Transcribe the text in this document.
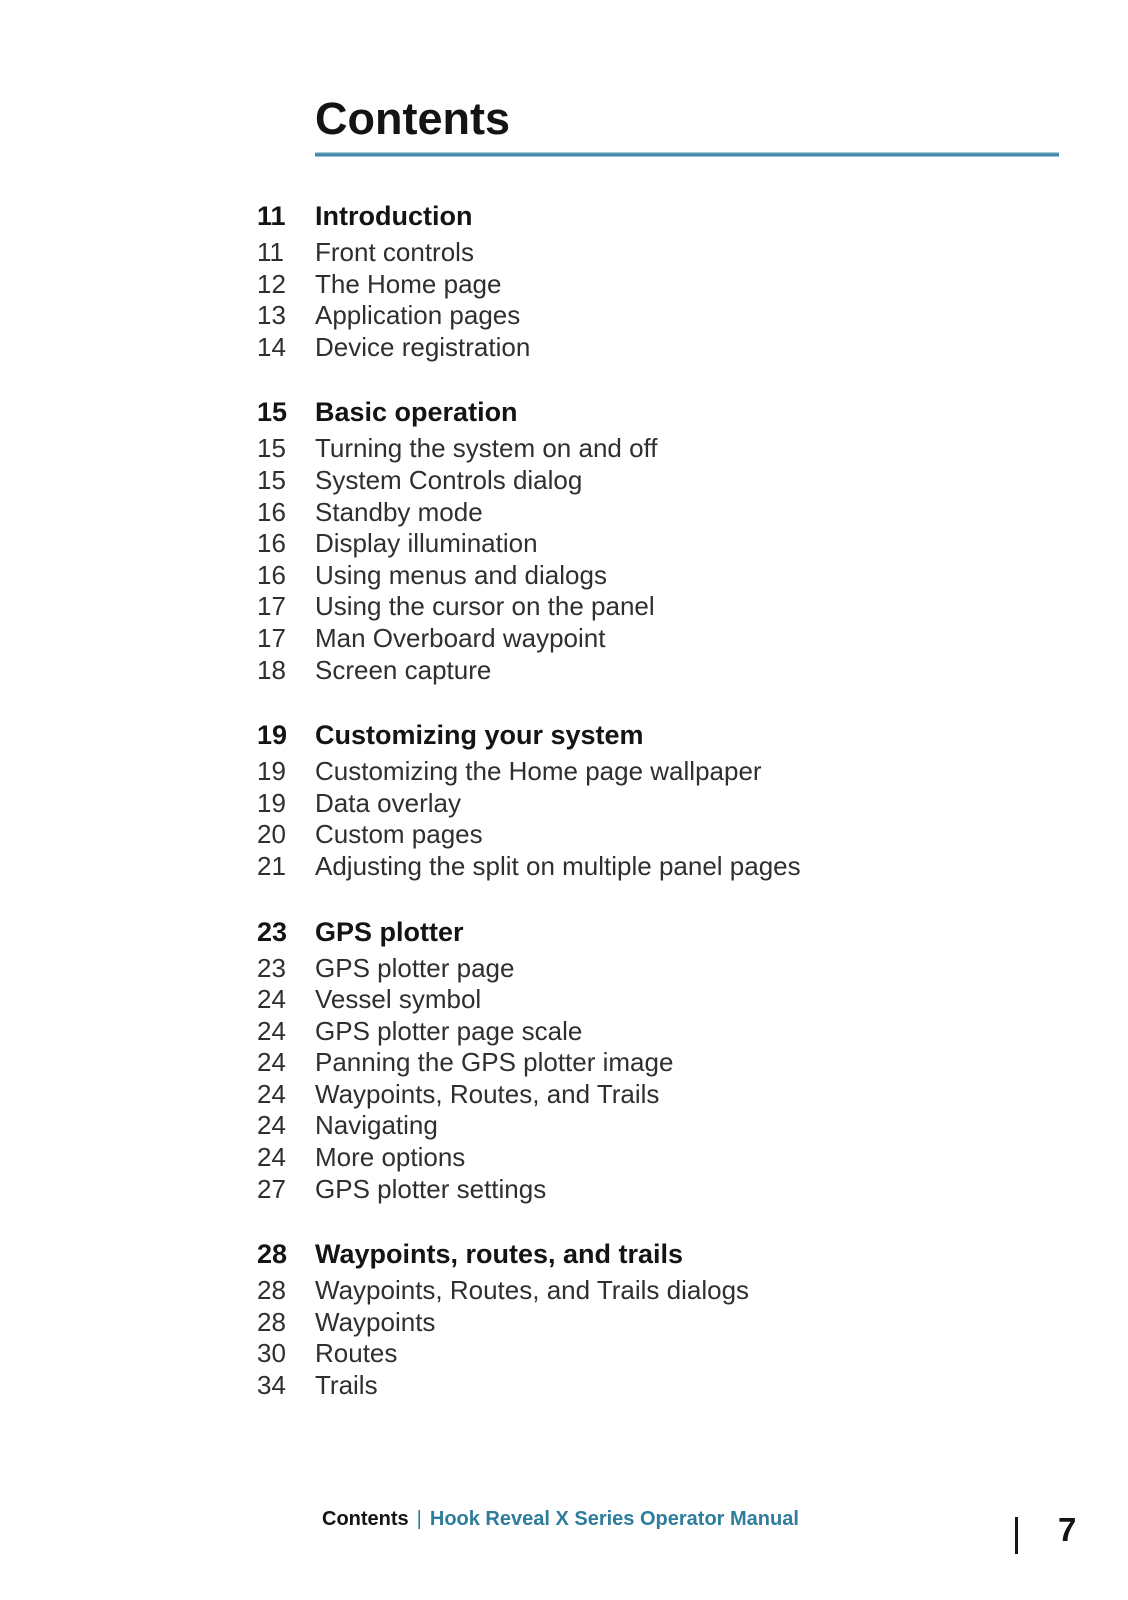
Contents
11	Introduction
11	Front controls
12	The Home page
13	Application pages
14	Device registration
15	Basic operation
15	Turning the system on and off
15	System Controls dialog
16	Standby mode
16	Display illumination
16	Using menus and dialogs
17	Using the cursor on the panel
17	Man Overboard waypoint
18	Screen capture
19	Customizing your system
19	Customizing the Home page wallpaper
19	Data overlay
20	Custom pages
21	Adjusting the split on multiple panel pages
23	GPS plotter
23	GPS plotter page
24	Vessel symbol
24	GPS plotter page scale
24	Panning the GPS plotter image
24	Waypoints, Routes, and Trails
24	Navigating
24	More options
27	GPS plotter settings
28	Waypoints, routes, and trails
28	Waypoints, Routes, and Trails dialogs
28	Waypoints
30	Routes
34	Trails
Contents | Hook Reveal X Series Operator Manual	7
